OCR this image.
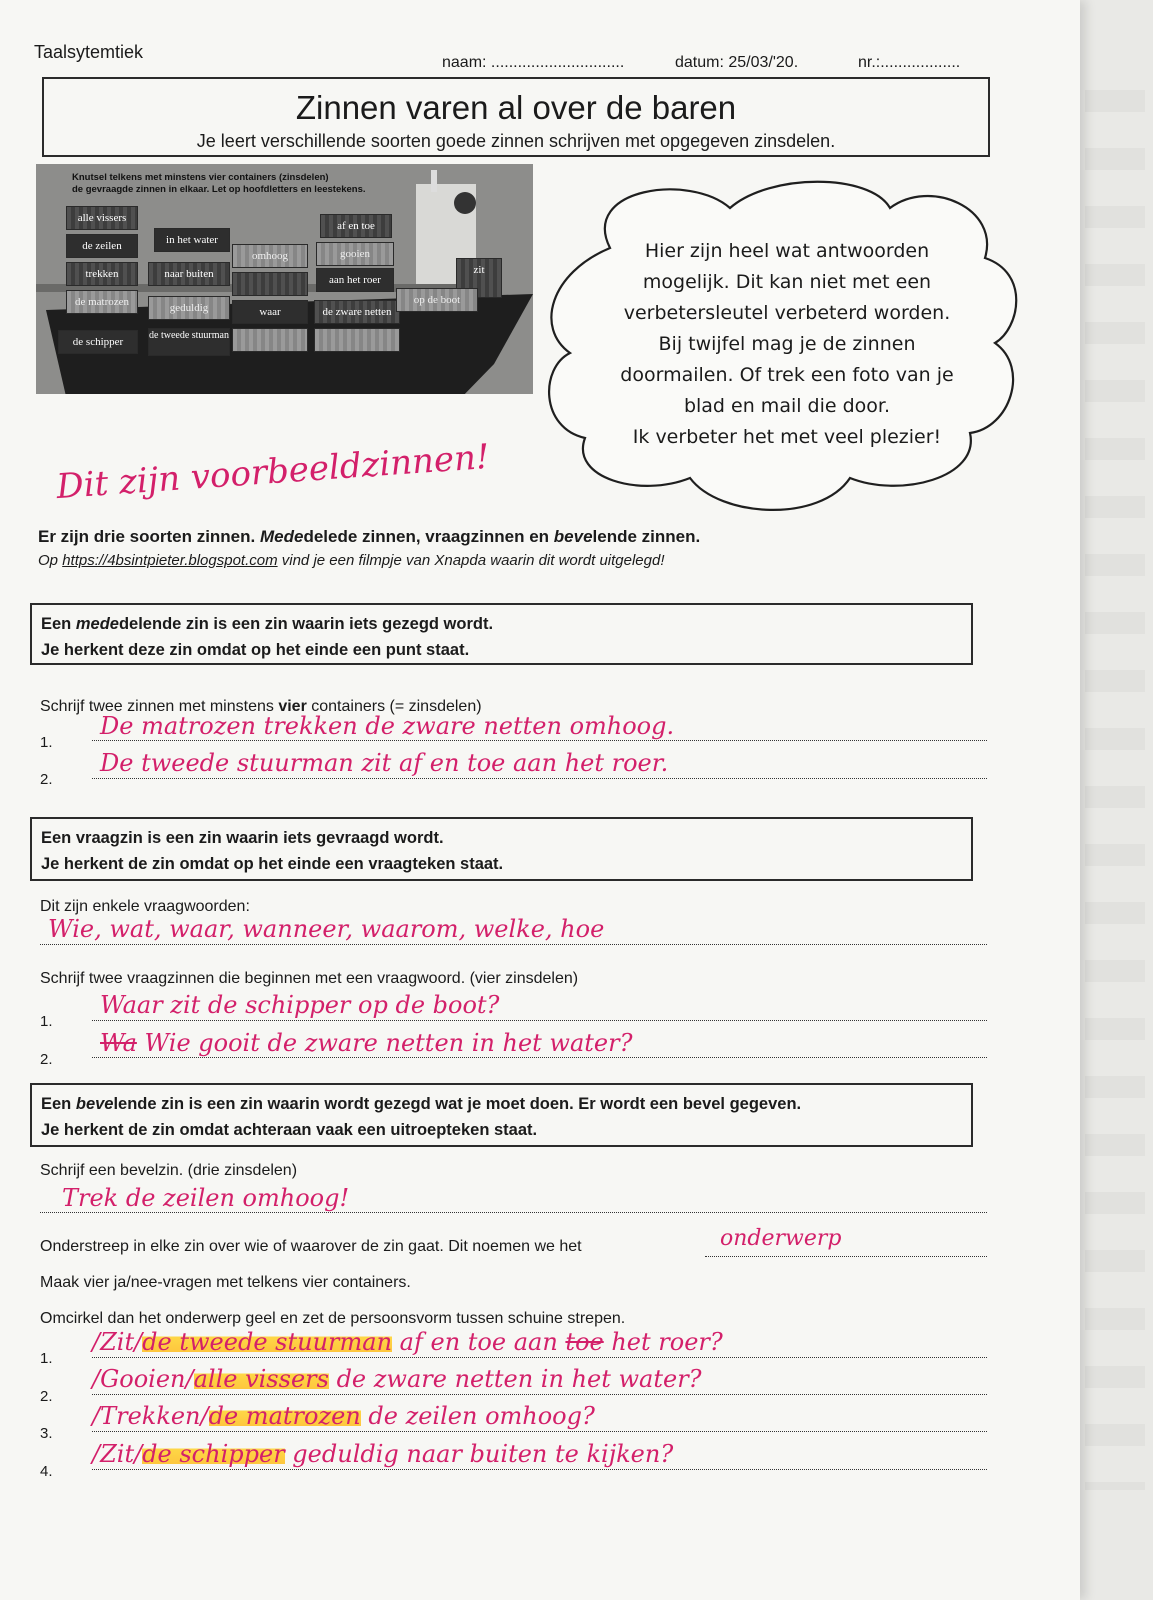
Taalsytemtiek
naam: ..............................	datum: 25/03/'20.	nr.:..................
Zinnen varen al over de baren
Je leert verschillende soorten goede zinnen schrijven met opgegeven zinsdelen.
Knutsel telkens met minstens vier containers (zinsdelen)
de gevraagde zinnen in elkaar. Let op hoofdletters en leestekens.
alle vissers
de zeilen
trekken
de matrozen
de schipper
in het water
naar buiten
geduldig
de tweede stuurman
omhoog
waar
af en toe
gooien
aan het roer
de zware netten
zit
op de boot
Hier zijn heel wat antwoorden
mogelijk. Dit kan niet met een
verbetersleutel verbeterd worden.
Bij twijfel mag je de zinnen
doormailen. Of trek een foto van je
blad en mail die door.
Ik verbeter het met veel plezier!
Dit zijn voorbeeldzinnen!
Er zijn drie soorten zinnen. Mededelede zinnen, vraagzinnen en bevelende zinnen.
Op https://4bsintpieter.blogspot.com vind je een filmpje van Xnapda waarin dit wordt uitgelegd!
Een mededelende zin is een zin waarin iets gezegd wordt.
Je herkent deze zin omdat op het einde een punt staat.
Schrijf twee zinnen met minstens vier containers (= zinsdelen)
1.
De matrozen trekken de zware netten omhoog.
2.
De tweede stuurman zit af en toe aan het roer.
Een vraagzin is een zin waarin iets gevraagd wordt.
Je herkent de zin omdat op het einde een vraagteken staat.
Dit zijn enkele vraagwoorden:
Wie, wat, waar, wanneer, waarom, welke, hoe
Schrijf twee vraagzinnen die beginnen met een vraagwoord. (vier zinsdelen)
1.
Waar zit de schipper op de boot?
2.
Wa Wie gooit de zware netten in het water?
Een bevelende zin is een zin waarin wordt gezegd wat je moet doen. Er wordt een bevel gegeven.
Je herkent de zin omdat achteraan vaak een uitroepteken staat.
Schrijf een bevelzin. (drie zinsdelen)
Trek de zeilen omhoog!
Onderstreep in elke zin over wie of waarover de zin gaat. Dit noemen we het	onderwerp
Maak vier ja/nee-vragen met telkens vier containers.
Omcirkel dan het onderwerp geel en zet de persoonsvorm tussen schuine strepen.
1.
/Zit/de tweede stuurman af en toe aan toe het roer?
2.
/Gooien/alle vissers de zware netten in het water?
3.
/Trekken/de matrozen de zeilen omhoog?
4.
/Zit/de schipper geduldig naar buiten te kijken?
